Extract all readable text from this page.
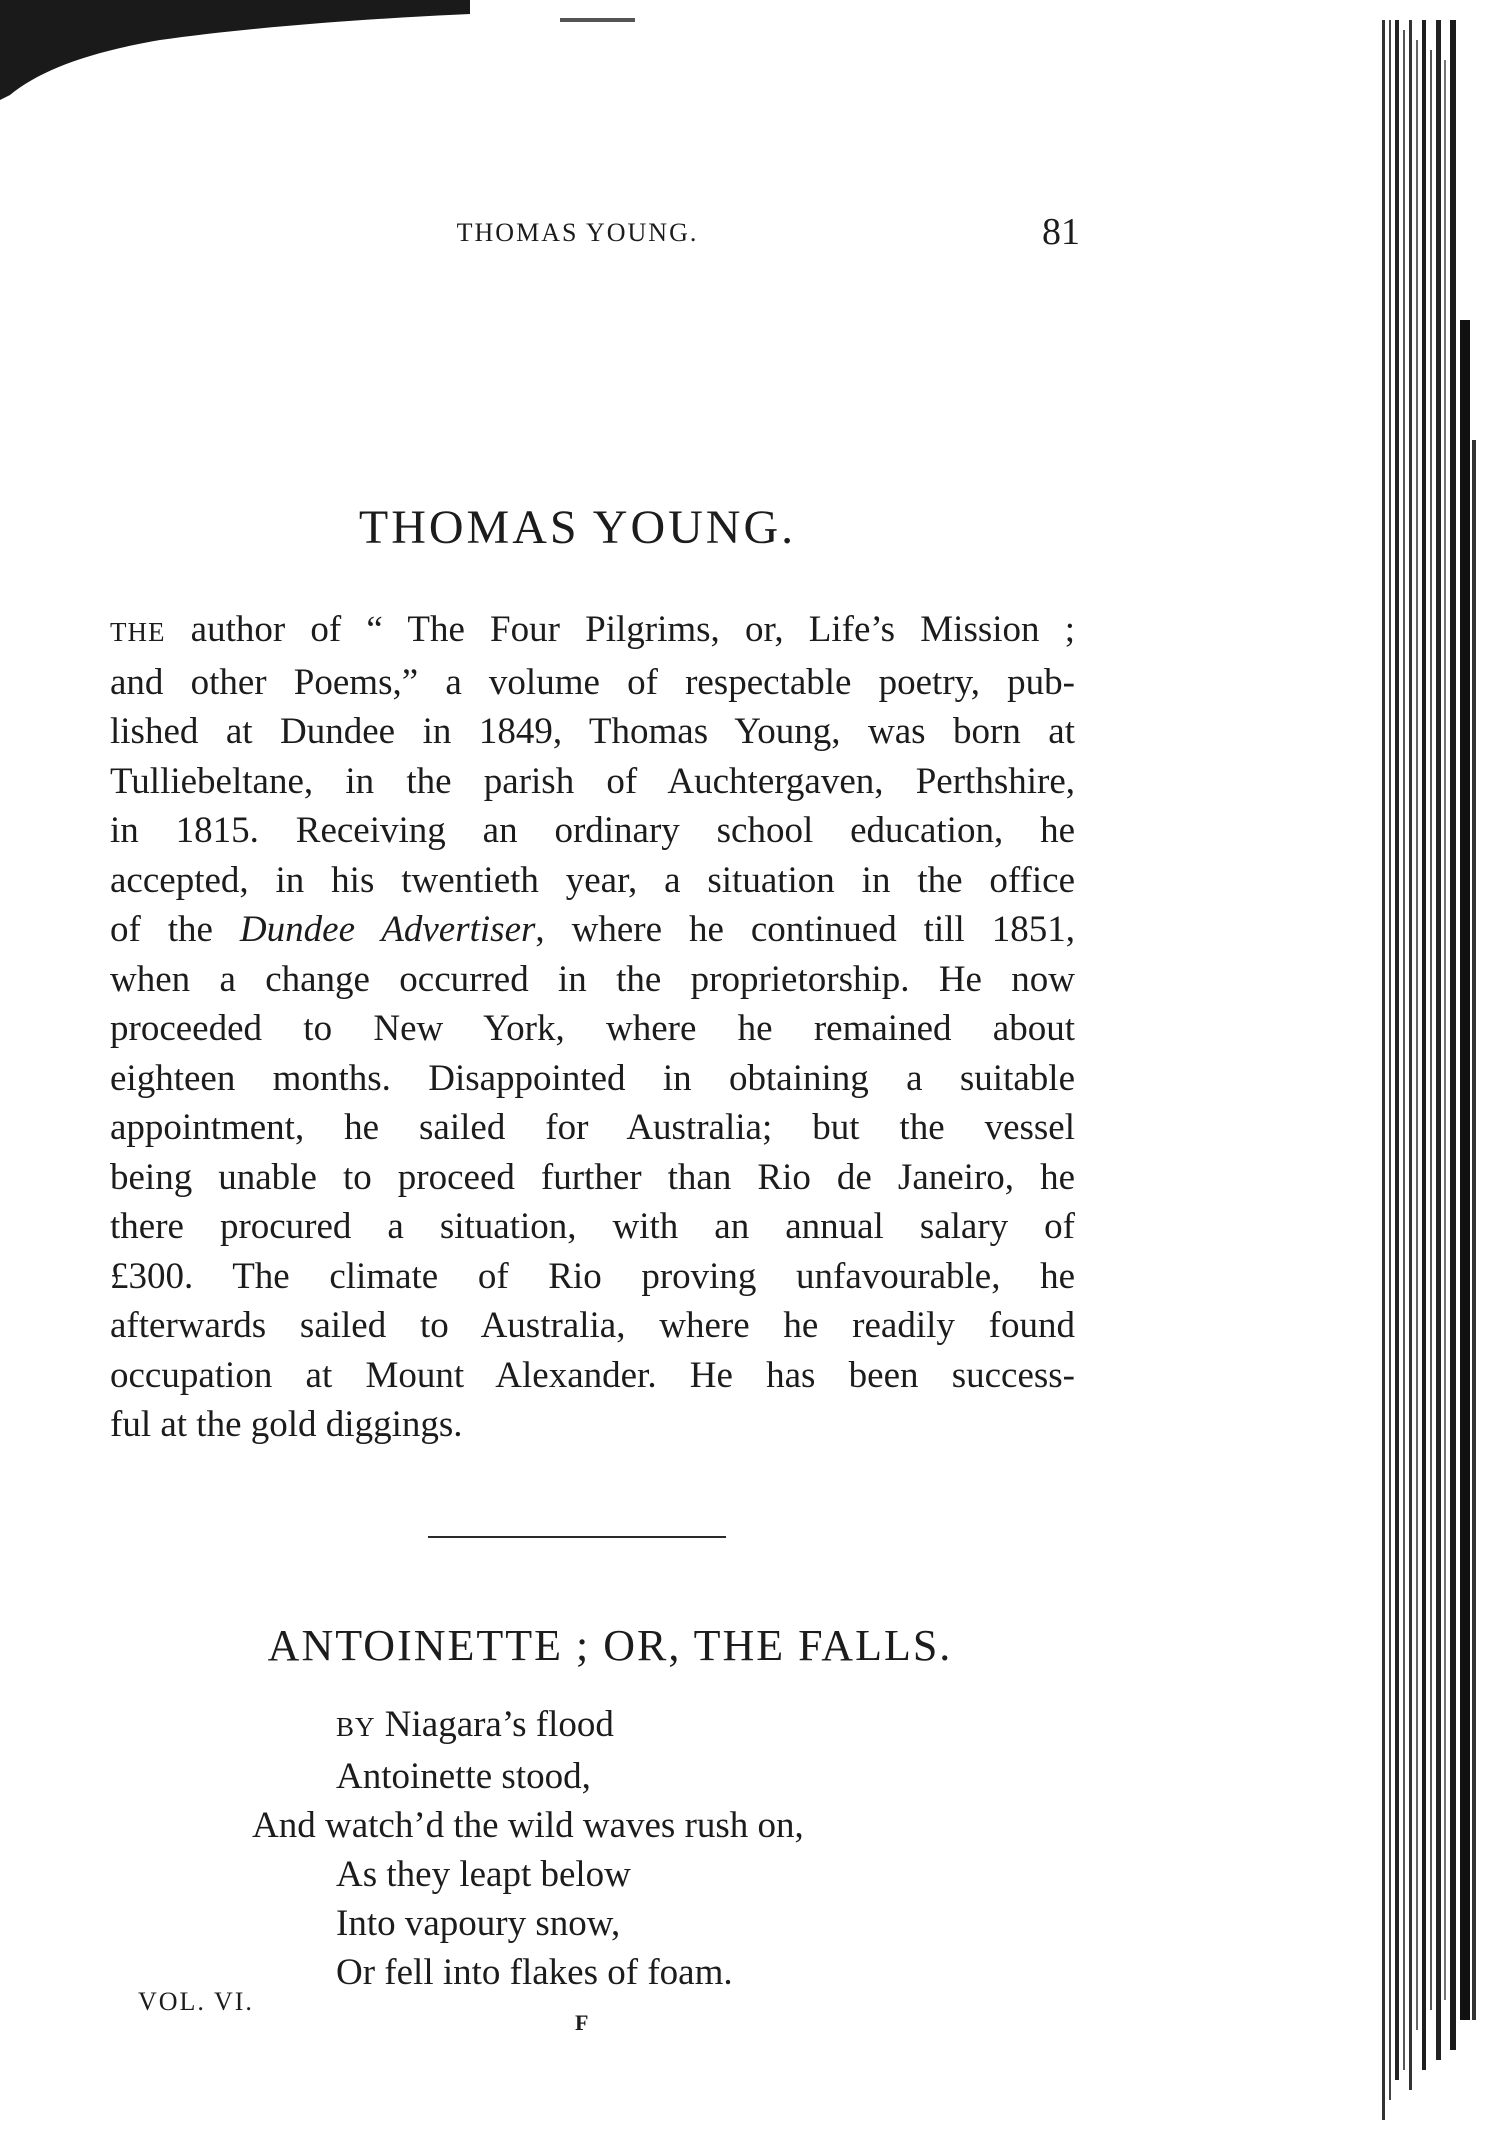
THOMAS YOUNG.	81
THOMAS YOUNG.
THE author of “ The Four Pilgrims, or, Life’s Mission ;
and other Poems,” a volume of respectable poetry, pub-
lished at Dundee in 1849, Thomas Young, was born at
Tulliebeltane, in the parish of Auchtergaven, Perthshire,
in 1815. Receiving an ordinary school education, he
accepted, in his twentieth year, a situation in the office
of the Dundee Advertiser, where he continued till 1851,
when a change occurred in the proprietorship. He now
proceeded to New York, where he remained about
eighteen months. Disappointed in obtaining a suitable
appointment, he sailed for Australia; but the vessel
being unable to proceed further than Rio de Janeiro, he
there procured a situation, with an annual salary of
£300. The climate of Rio proving unfavourable, he
afterwards sailed to Australia, where he readily found
occupation at Mount Alexander. He has been success-
ful at the gold diggings.
ANTOINETTE ; OR, THE FALLS.
BY Niagara’s flood
Antoinette stood,
And watch’d the wild waves rush on,
As they leapt below
Into vapoury snow,
Or fell into flakes of foam.
VOL. VI.
F
